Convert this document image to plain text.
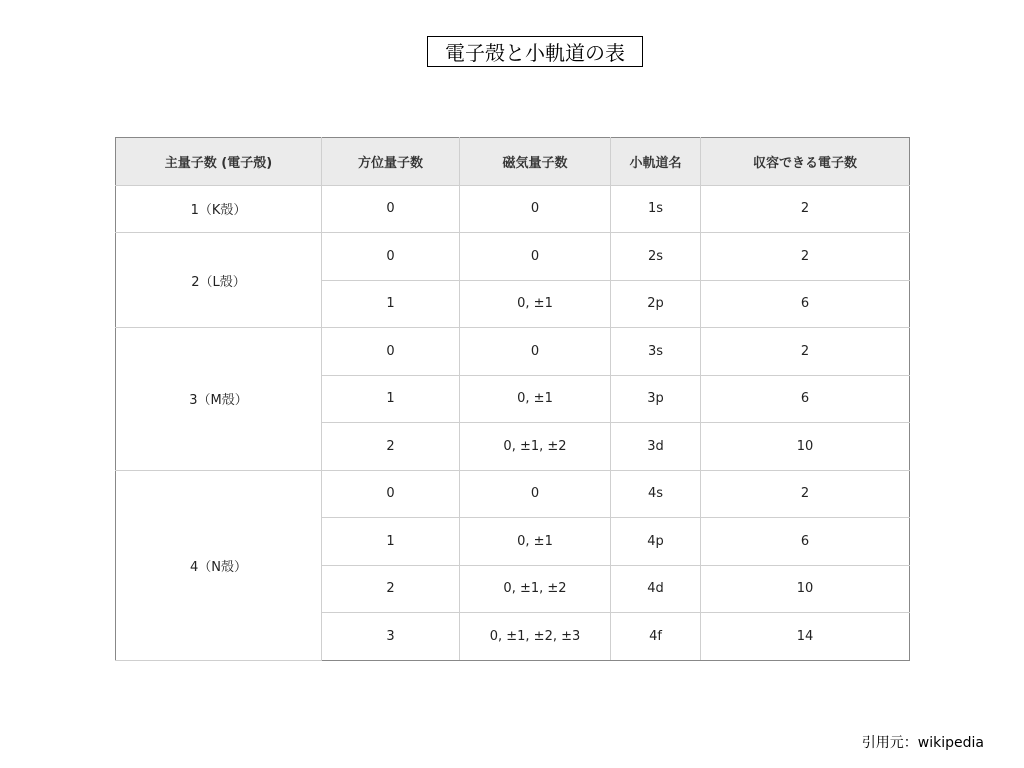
電子殻と小軌道の表
主量子数 (電子殻)	方位量子数	磁気量子数	小軌道名	収容できる電子数
1（K殻）	0	0	1s	2
2（L殻）	0	0	2s	2
	1	0, ±1	2p	6
3（M殻）	0	0	3s	2
	1	0, ±1	3p	6
	2	0, ±1, ±2	3d	10
4（N殻）	0	0	4s	2
	1	0, ±1	4p	6
	2	0, ±1, ±2	4d	10
	3	0, ±1, ±2, ±3	4f	14
引用元：wikipedia
